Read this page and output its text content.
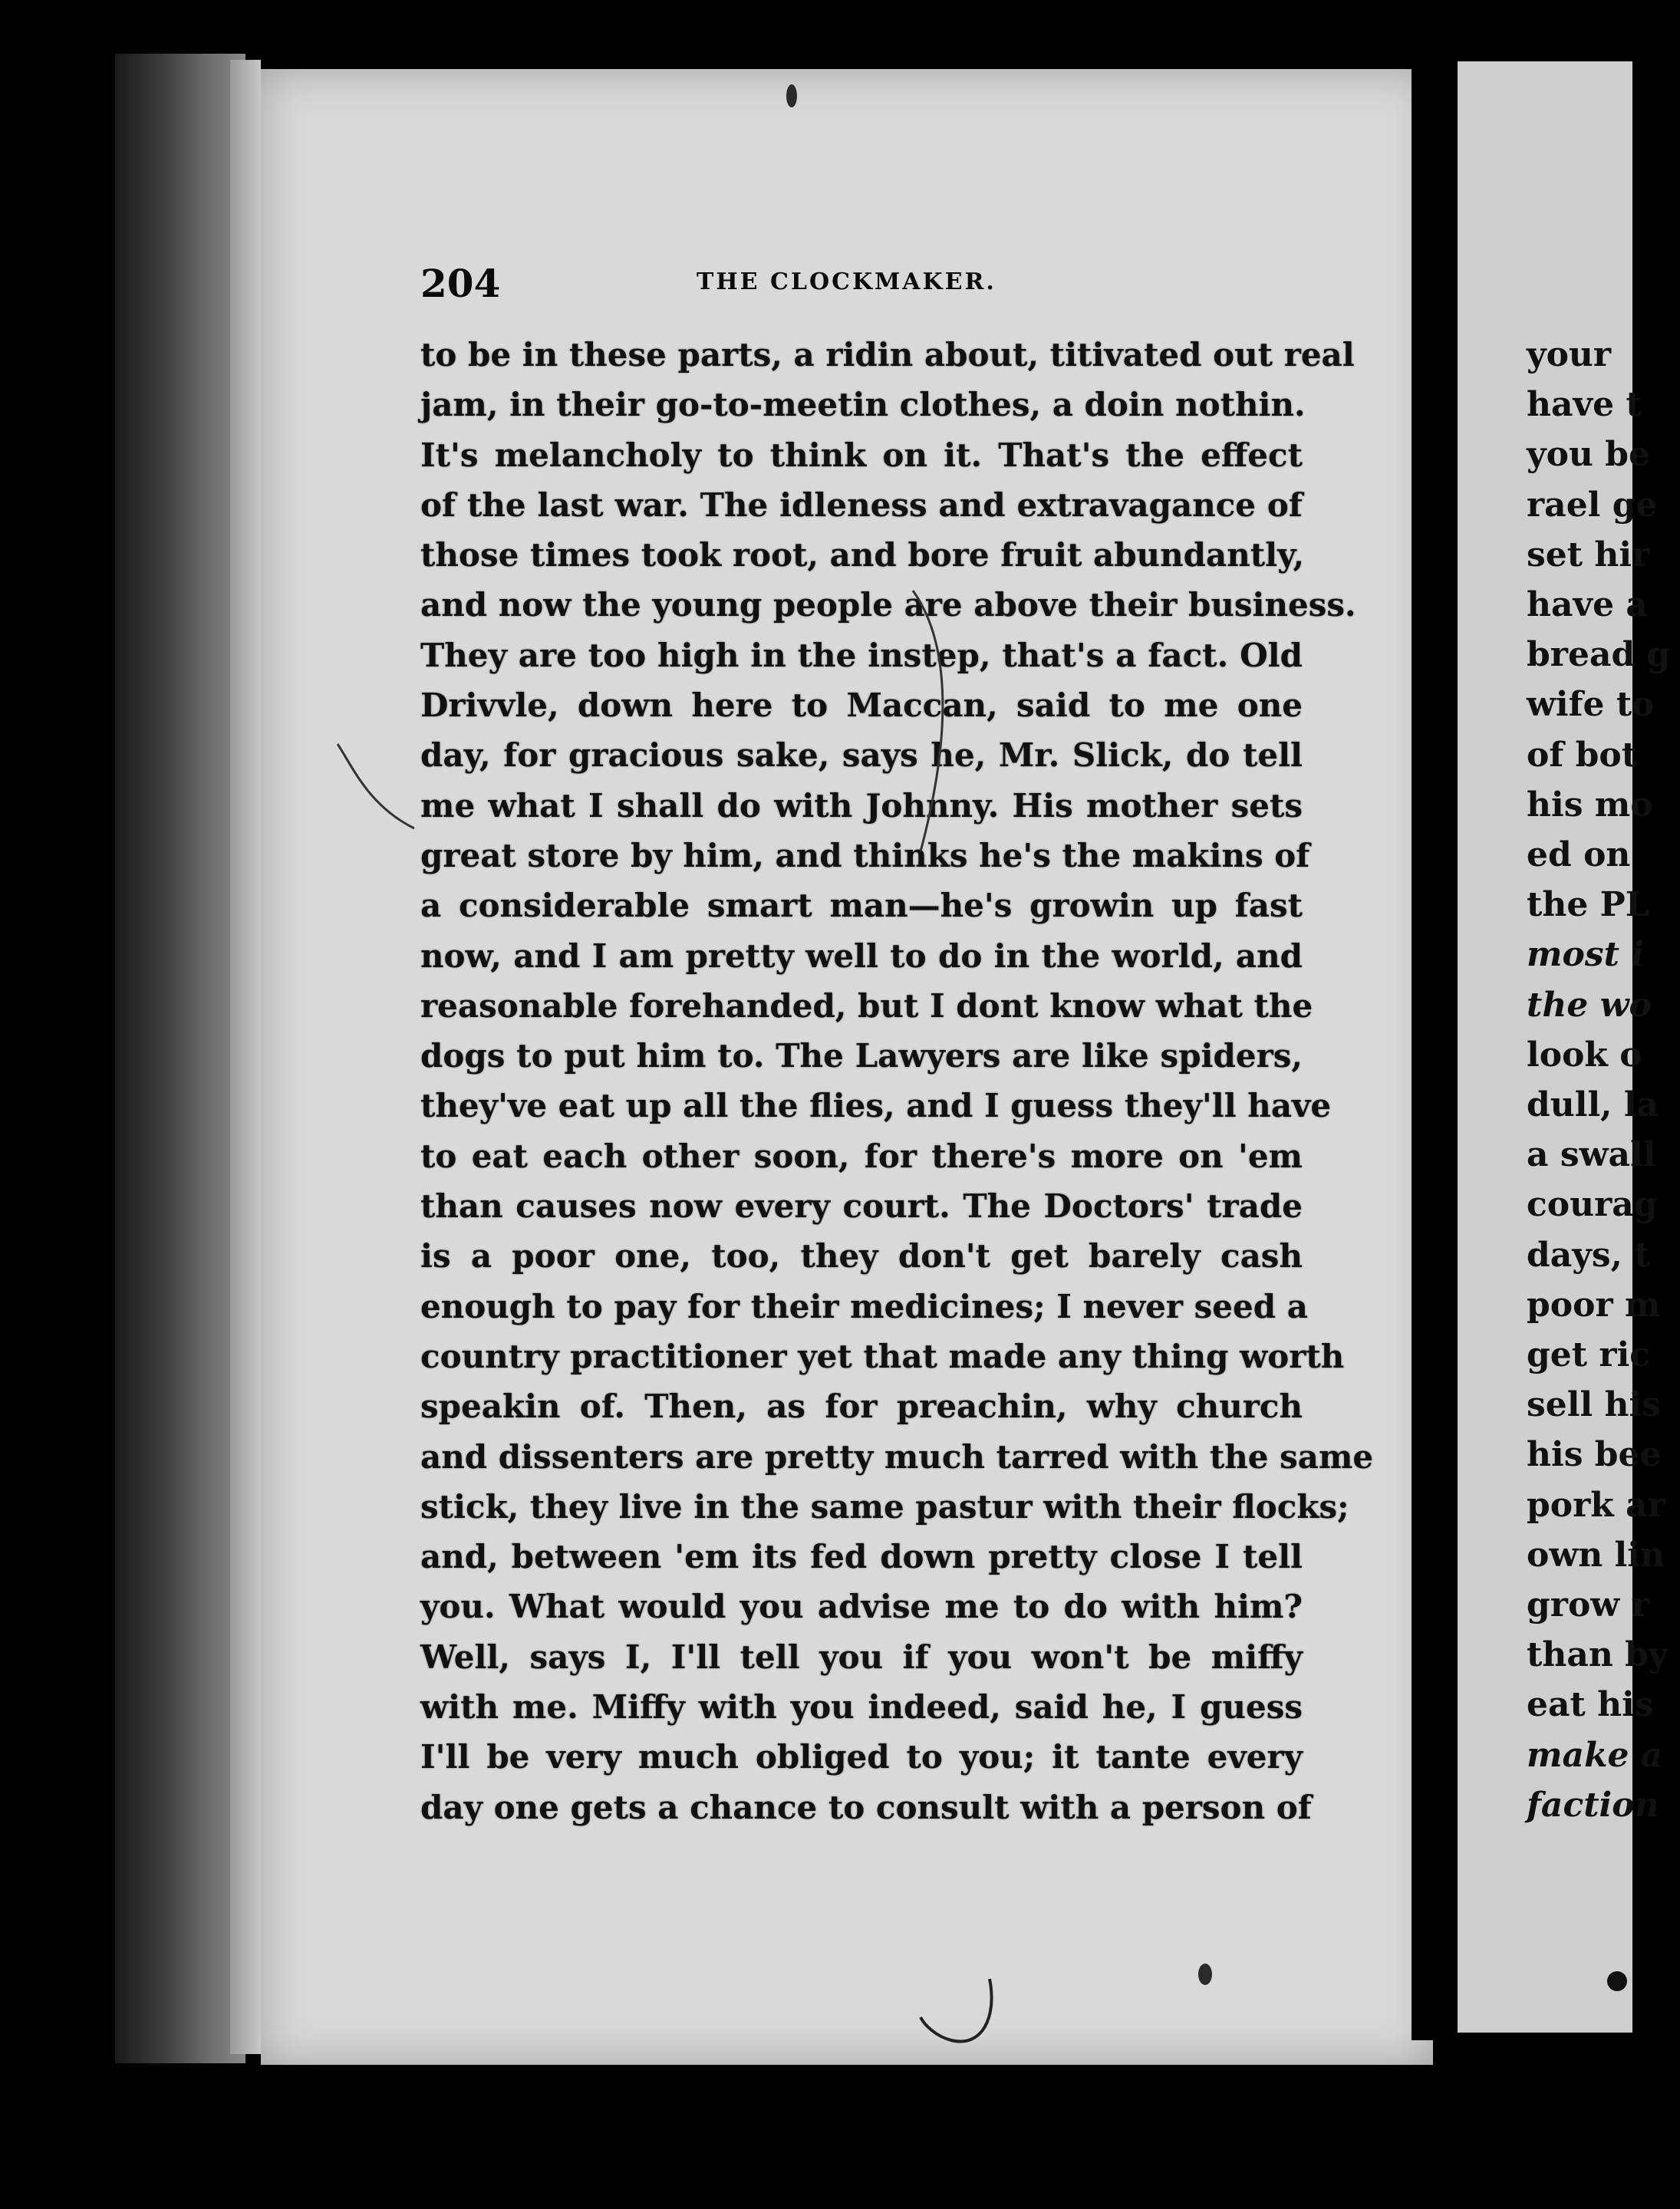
204	THE CLOCKMAKER.
to be in these parts, a ridin about, titivated out real
jam, in their go-to-meetin clothes, a doin nothin.
It's melancholy to think on it. That's the effect
of the last war. The idleness and extravagance of
those times took root, and bore fruit abundantly,
and now the young people are above their business.
They are too high in the instep, that's a fact. Old
Drivvle, down here to Maccan, said to me one
day, for gracious sake, says he, Mr. Slick, do tell
me what I shall do with Johnny. His mother sets
great store by him, and thinks he's the makins of
a considerable smart man—he's growin up fast
now, and I am pretty well to do in the world, and
reasonable forehanded, but I dont know what the
dogs to put him to. The Lawyers are like spiders,
they've eat up all the flies, and I guess they'll have
to eat each other soon, for there's more on 'em
than causes now every court. The Doctors' trade
is a poor one, too, they don't get barely cash
enough to pay for their medicines; I never seed a
country practitioner yet that made any thing worth
speakin of. Then, as for preachin, why church
and dissenters are pretty much tarred with the same
stick, they live in the same pastur with their flocks;
and, between 'em its fed down pretty close I tell
you. What would you advise me to do with him?
Well, says I, I'll tell you if you won't be miffy
with me. Miffy with you indeed, said he, I guess
I'll be very much obliged to you; it tante every
day one gets a chance to consult with a person of
your
have t
you be
rael ge
set hir
have a
bread g
wife to
of bot
his mo
ed on
the PL
most i
the wo
look o
dull, la
a swall
courag
days, t
poor m
get ric
sell his
his bee
pork ar
own lin
grow r
than by
eat his
make a
faction
